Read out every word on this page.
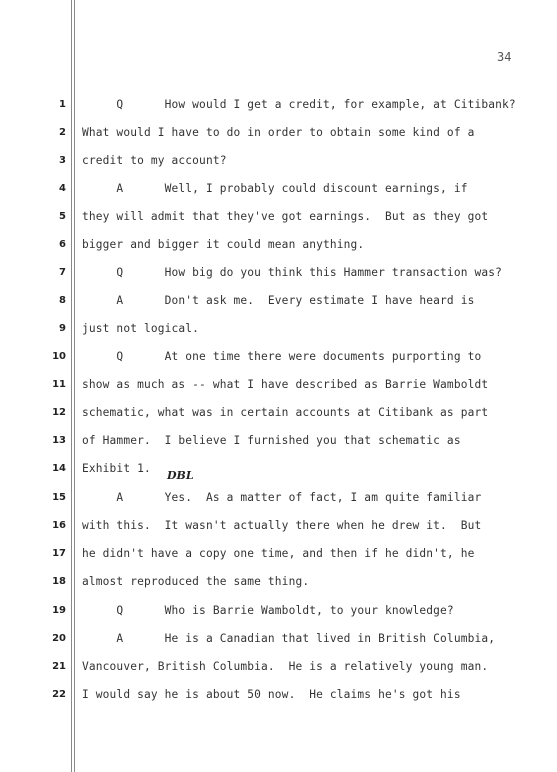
34
1 Q      How would I get a credit, for example, at Citibank?
2 What would I have to do in order to obtain some kind of a
3 credit to my account?
4 A      Well, I probably could discount earnings, if
5 they will admit that they've got earnings.  But as they got
6 bigger and bigger it could mean anything.
7 Q      How big do you think this Hammer transaction was?
8 A      Don't ask me.  Every estimate I have heard is
9 just not logical.
10 Q      At one time there were documents purporting to
11 show as much as -- what I have described as Barrie Wamboldt
12 schematic, what was in certain accounts at Citibank as part
13 of Hammer.  I believe I furnished you that schematic as
14 Exhibit 1.
DBL
15 A      Yes.  As a matter of fact, I am quite familiar
16 with this.  It wasn't actually there when he drew it.  But
17 he didn't have a copy one time, and then if he didn't, he
18 almost reproduced the same thing.
19 Q      Who is Barrie Wamboldt, to your knowledge?
20 A      He is a Canadian that lived in British Columbia,
21 Vancouver, British Columbia.  He is a relatively young man.
22 I would say he is about 50 now.  He claims he's got his
